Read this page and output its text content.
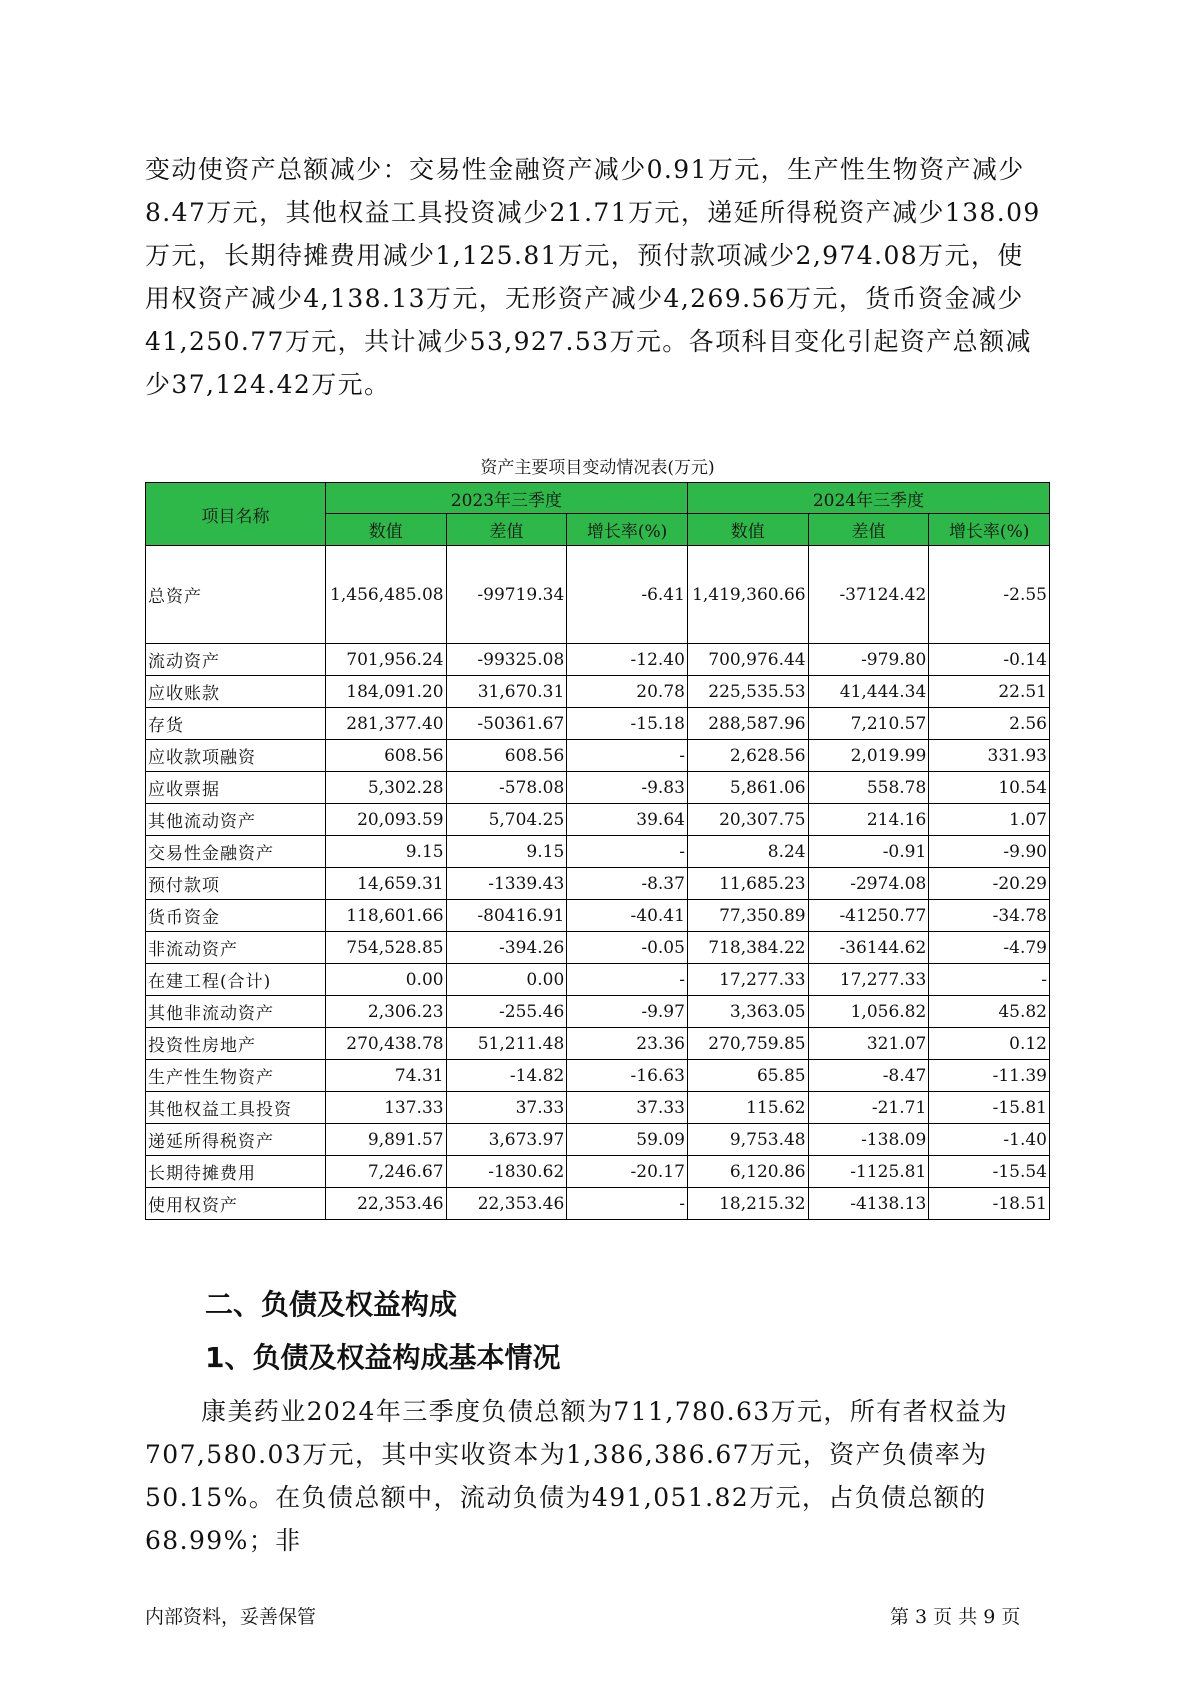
变动使资产总额减少：交易性金融资产减少0.91万元，生产性生物资产减少8.47万元，其他权益工具投资减少21.71万元，递延所得税资产减少138.09万元，长期待摊费用减少1,125.81万元，预付款项减少2,974.08万元，使用权资产减少4,138.13万元，无形资产减少4,269.56万元，货币资金减少41,250.77万元，共计减少53,927.53万元。各项科目变化引起资产总额减少37,124.42万元。

资产主要项目变动情况表(万元)
项目名称	2023年三季度			2024年三季度		
	数值	差值	增长率(%)	数值	差值	增长率(%)
总资产	1,456,485.08	-99719.34	-6.41	1,419,360.66	-37124.42	-2.55
流动资产	701,956.24	-99325.08	-12.40	700,976.44	-979.80	-0.14
应收账款	184,091.20	31,670.31	20.78	225,535.53	41,444.34	22.51
存货	281,377.40	-50361.67	-15.18	288,587.96	7,210.57	2.56
应收款项融资	608.56	608.56	-	2,628.56	2,019.99	331.93
应收票据	5,302.28	-578.08	-9.83	5,861.06	558.78	10.54
其他流动资产	20,093.59	5,704.25	39.64	20,307.75	214.16	1.07
交易性金融资产	9.15	9.15	-	8.24	-0.91	-9.90
预付款项	14,659.31	-1339.43	-8.37	11,685.23	-2974.08	-20.29
货币资金	118,601.66	-80416.91	-40.41	77,350.89	-41250.77	-34.78
非流动资产	754,528.85	-394.26	-0.05	718,384.22	-36144.62	-4.79
在建工程(合计)	0.00	0.00	-	17,277.33	17,277.33	-
其他非流动资产	2,306.23	-255.46	-9.97	3,363.05	1,056.82	45.82
投资性房地产	270,438.78	51,211.48	23.36	270,759.85	321.07	0.12
生产性生物资产	74.31	-14.82	-16.63	65.85	-8.47	-11.39
其他权益工具投资	137.33	37.33	37.33	115.62	-21.71	-15.81
递延所得税资产	9,891.57	3,673.97	59.09	9,753.48	-138.09	-1.40
长期待摊费用	7,246.67	-1830.62	-20.17	6,120.86	-1125.81	-15.54
使用权资产	22,353.46	22,353.46	-	18,215.32	-4138.13	-18.51
二、负债及权益构成
1、负债及权益构成基本情况

康美药业2024年三季度负债总额为711,780.63万元，所有者权益为707,580.03万元，其中实收资本为1,386,386.67万元，资产负债率为50.15%。在负债总额中，流动负债为491,051.82万元，占负债总额的68.99%；非

内部资料，妥善保管	第 3 页 共 9 页
